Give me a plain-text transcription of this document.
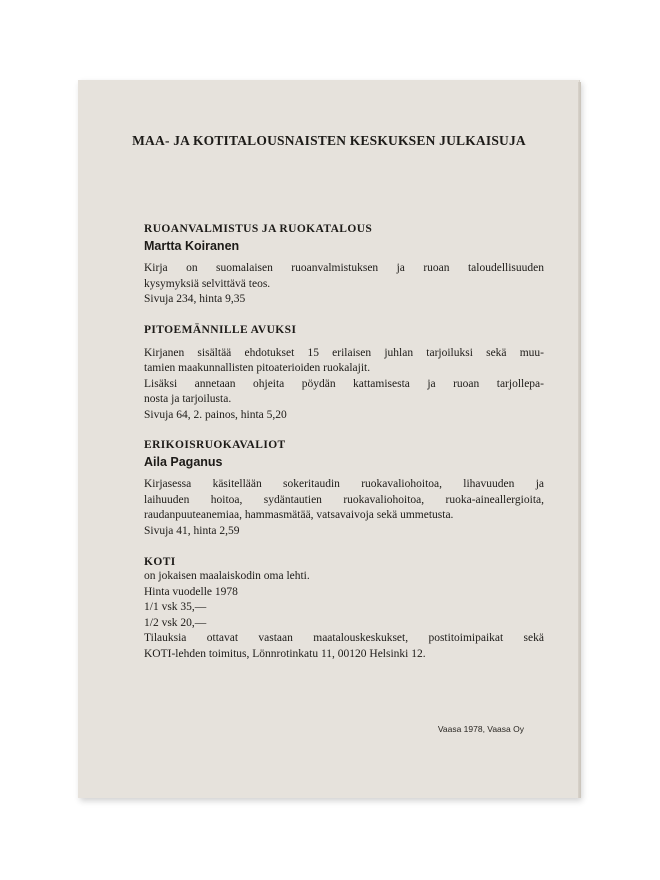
MAA- JA KOTITALOUSNAISTEN KESKUKSEN JULKAISUJA
RUOANVALMISTUS JA RUOKATALOUS
Martta Koiranen
Kirja on suomalaisen ruoanvalmistuksen ja ruoan taloudellisuuden
kysymyksiä selvittävä teos.
Sivuja 234, hinta 9,35
PITOEMÄNNILLE AVUKSI
Kirjanen sisältää ehdotukset 15 erilaisen juhlan tarjoiluksi sekä muu-
tamien maakunnallisten pitoaterioiden ruokalajit.
Lisäksi annetaan ohjeita pöydän kattamisesta ja ruoan tarjollepa-
nosta ja tarjoilusta.
Sivuja 64, 2. painos, hinta 5,20
ERIKOISRUOKAVALIOT
Aila Paganus
Kirjasessa käsitellään sokeritaudin ruokavaliohoitoa, lihavuuden ja
laihuuden hoitoa, sydäntautien ruokavaliohoitoa, ruoka-aineallergioita,
raudanpuuteanemiaa, hammasmätää, vatsavaivoja sekä ummetusta.
Sivuja 41, hinta 2,59
KOTI
on jokaisen maalaiskodin oma lehti.
Hinta vuodelle 1978
1/1 vsk 35,—
1/2 vsk 20,—
Tilauksia ottavat vastaan maatalouskeskukset, postitoimipaikat sekä
KOTI-lehden toimitus, Lönnrotinkatu 11, 00120 Helsinki 12.
Vaasa 1978, Vaasa Oy
